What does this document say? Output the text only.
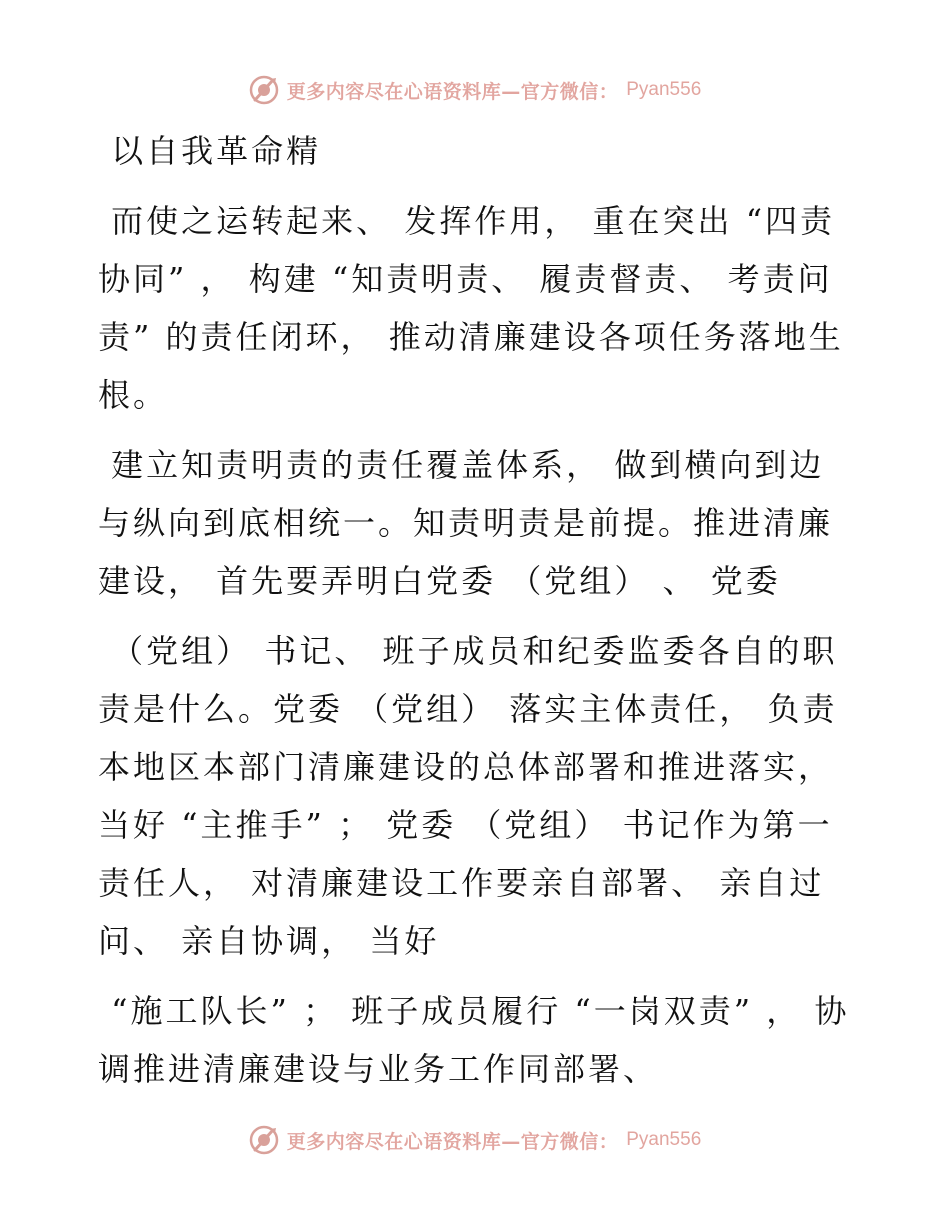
更多内容尽在心语资料库—官方微信： Pyan556

以自我革命精

而使之运转起来、 发挥作用， 重在突出 “四责协同” ， 构建 “知责明责、 履责督责、 考责问责” 的责任闭环， 推动清廉建设各项任务落地生根。

建立知责明责的责任覆盖体系， 做到横向到边与纵向到底相统一。知责明责是前提。推进清廉建设， 首先要弄明白党委 （党组） 、 党委

（党组） 书记、 班子成员和纪委监委各自的职责是什么。党委 （党组） 落实主体责任， 负责本地区本部门清廉建设的总体部署和推进落实， 当好 “主推手” ； 党委 （党组） 书记作为第一责任人， 对清廉建设工作要亲自部署、 亲自过问、 亲自协调， 当好

“施工队长” ； 班子成员履行 “一岗双责” ， 协调推进清廉建设与业务工作同部署、

更多内容尽在心语资料库—官方微信： Pyan556
